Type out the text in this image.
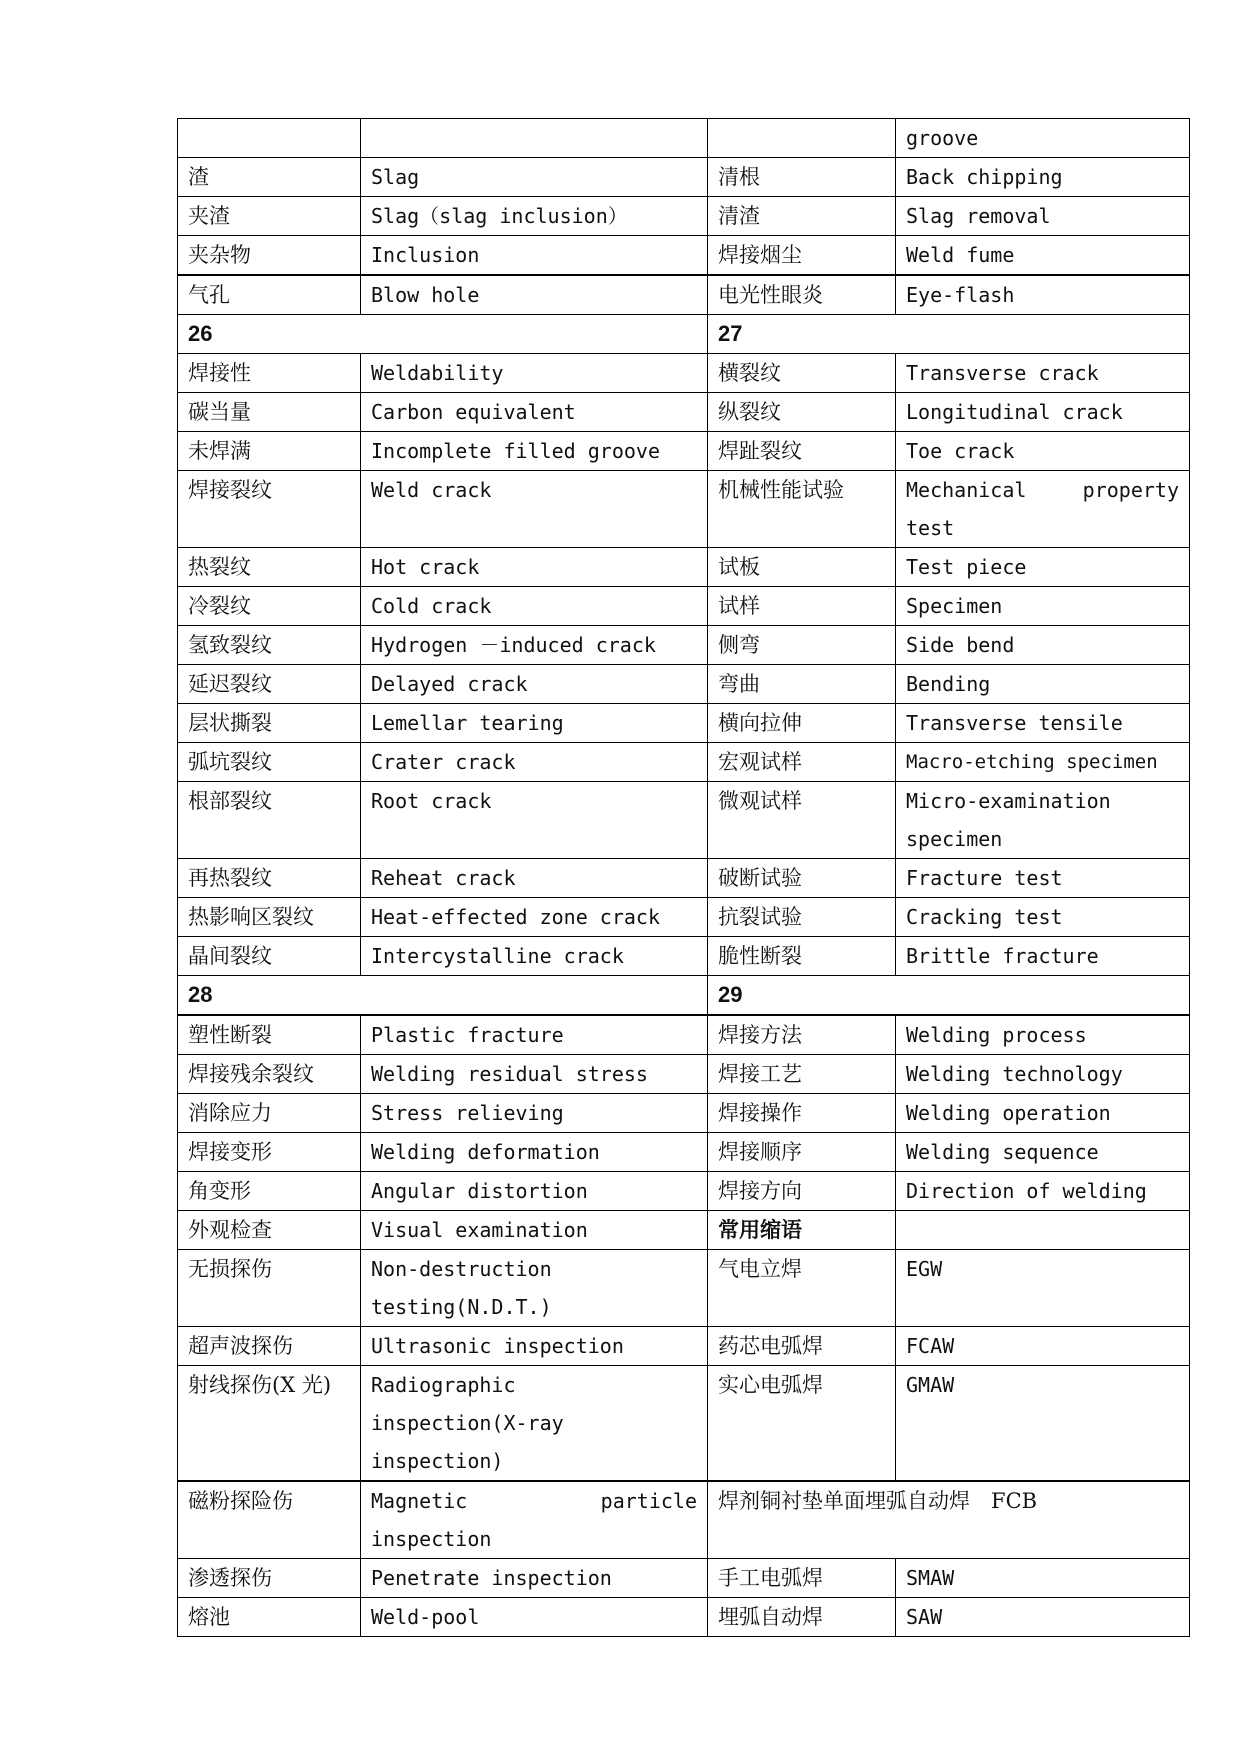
			groove
渣	Slag	清根	Back chipping
夹渣	Slag（slag inclusion）	清渣	Slag removal
夹杂物	Inclusion	焊接烟尘	Weld fume
气孔	Blow hole	电光性眼炎	Eye-flash
26		27	
焊接性	Weldability	横裂纹	Transverse crack
碳当量	Carbon equivalent	纵裂纹	Longitudinal crack
未焊满	Incomplete filled groove	焊趾裂纹	Toe crack
焊接裂纹	Weld crack	机械性能试验	Mechanical property test
热裂纹	Hot crack	试板	Test piece
冷裂纹	Cold crack	试样	Specimen
氢致裂纹	Hydrogen －induced crack	侧弯	Side bend
延迟裂纹	Delayed crack	弯曲	Bending
层状撕裂	Lemellar tearing	横向拉伸	Transverse tensile
弧坑裂纹	Crater crack	宏观试样	Macro-etching specimen
根部裂纹	Root crack	微观试样	Micro-examination specimen
再热裂纹	Reheat crack	破断试验	Fracture test
热影响区裂纹	Heat-effected zone crack	抗裂试验	Cracking test
晶间裂纹	Intercystalline crack	脆性断裂	Brittle fracture
28		29	
塑性断裂	Plastic fracture	焊接方法	Welding process
焊接残余裂纹	Welding residual stress	焊接工艺	Welding technology
消除应力	Stress relieving	焊接操作	Welding operation
焊接变形	Welding deformation	焊接顺序	Welding sequence
角变形	Angular distortion	焊接方向	Direction of welding
外观检查	Visual examination	常用缩语	
无损探伤	Non-destruction testing(N.D.T.)	气电立焊	EGW
超声波探伤	Ultrasonic inspection	药芯电弧焊	FCAW
射线探伤(X 光)	Radiographic inspection(X-ray inspection)	实心电弧焊	GMAW
磁粉探险伤	Magnetic particle inspection	焊剂铜衬垫单面埋弧自动焊　FCB	
渗透探伤	Penetrate inspection	手工电弧焊	SMAW
熔池	Weld-pool	埋弧自动焊	SAW
